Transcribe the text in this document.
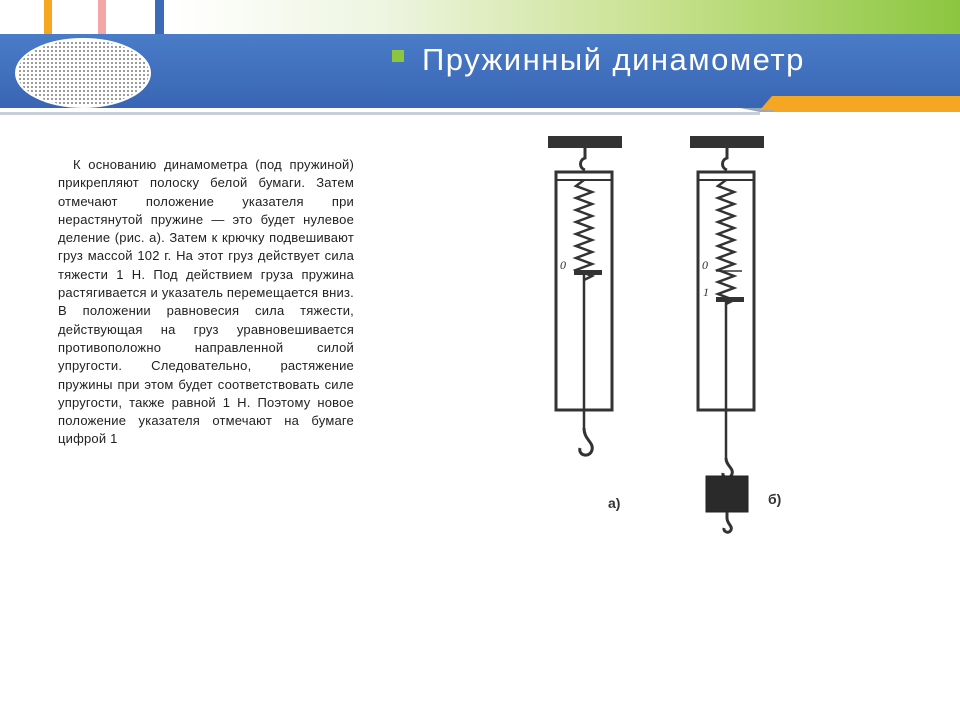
Пружинный динамометр
К основанию динамометра (под пружиной) прикрепляют полоску белой бумаги. Затем отмечают положение указателя при нерастянутой пружине — это будет нулевое деление (рис. а). Затем к крючку подвешивают груз массой 102 г. На этот груз действует сила тяжести 1 Н. Под действием груза пружина растягивается и указатель перемещается вниз. В положении равновесия сила тяжести, действующая на груз уравновешивается противоположно направленной силой упругости. Следовательно, растяжение пружины при этом будет соответствовать силе упругости, также равной 1 Н. Поэтому новое положение указателя отмечают на бумаге цифрой 1
0
а)
0
1
б)
